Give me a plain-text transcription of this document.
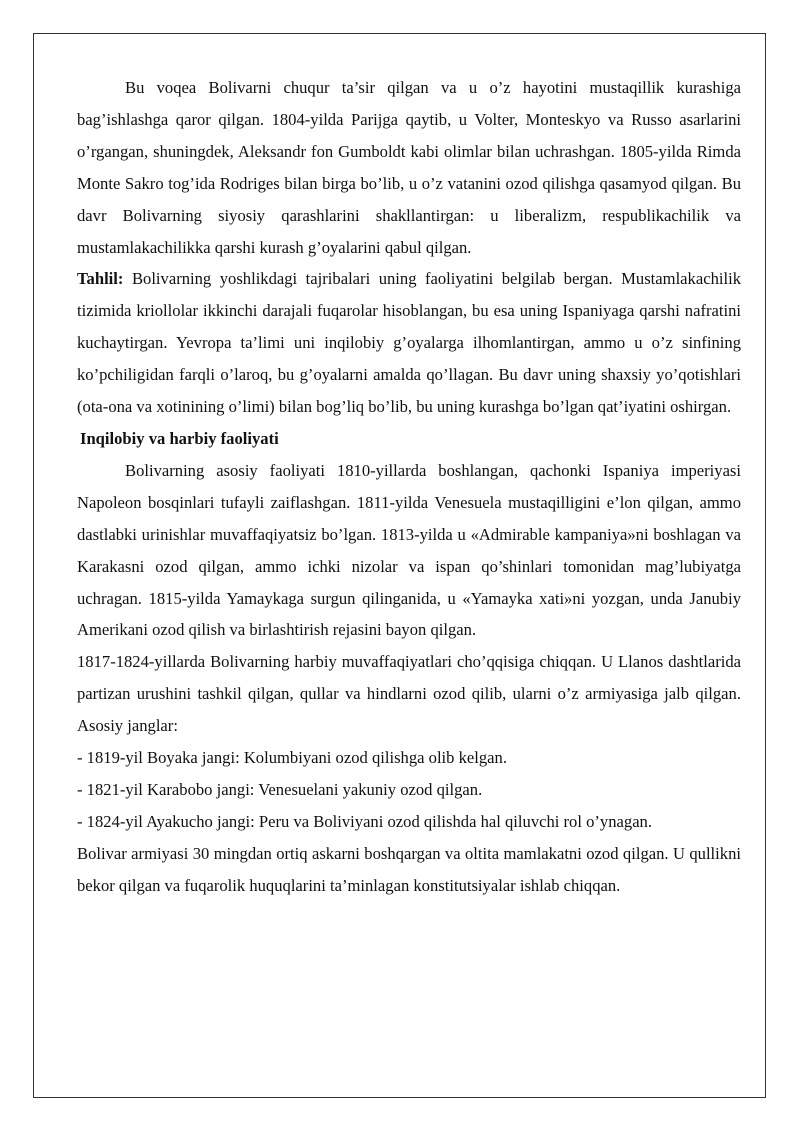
Bu voqea Bolivarni chuqur ta’sir qilgan va u o’z hayotini mustaqillik kurashiga bag’ishlashga qaror qilgan. 1804-yilda Parijga qaytib, u Volter, Monteskyo va Russo asarlarini o’rgangan, shuningdek, Aleksandr fon Gumboldt kabi olimlar bilan uchrashgan. 1805-yilda Rimda Monte Sakro tog’ida Rodriges bilan birga bo’lib, u o’z vatanini ozod qilishga qasamyod qilgan. Bu davr Bolivarning siyosiy qarashlarini shakllantirgan: u liberalizm, respublikachilik va mustamlakachilikka qarshi kurash g’oyalarini qabul qilgan.

Tahlil: Bolivarning yoshlikdagi tajribalari uning faoliyatini belgilab bergan. Mustamlakachilik tizimida kriollolar ikkinchi darajali fuqarolar hisoblangan, bu esa uning Ispaniyaga qarshi nafratini kuchaytirgan. Yevropa ta’limi uni inqilobiy g’oyalarga ilhomlantirgan, ammo u o’z sinfining ko’pchiligidan farqli o’laroq, bu g’oyalarni amalda qo’llagan. Bu davr uning shaxsiy yo’qotishlari (ota-ona va xotinining o’limi) bilan bog’liq bo’lib, bu uning kurashga bo’lgan qat’iyatini oshirgan.

Inqilobiy va harbiy faoliyati

Bolivarning asosiy faoliyati 1810-yillarda boshlangan, qachonki Ispaniya imperiyasi Napoleon bosqinlari tufayli zaiflashgan. 1811-yilda Venesuela mustaqilligini e’lon qilgan, ammo dastlabki urinishlar muvaffaqiyatsiz bo’lgan. 1813-yilda u «Admirable kampaniya»ni boshlagan va Karakasni ozod qilgan, ammo ichki nizolar va ispan qo’shinlari tomonidan mag’lubiyatga uchragan. 1815-yilda Yamaykaga surgun qilinganida, u «Yamayka xati»ni yozgan, unda Janubiy Amerikani ozod qilish va birlashtirish rejasini bayon qilgan.

1817-1824-yillarda Bolivarning harbiy muvaffaqiyatlari cho’qqisiga chiqqan. U Llanos dashtlarida partizan urushini tashkil qilgan, qullar va hindlarni ozod qilib, ularni o’z armiyasiga jalb qilgan. Asosiy janglar:

- 1819-yil Boyaka jangi: Kolumbiyani ozod qilishga olib kelgan.

- 1821-yil Karabobo jangi: Venesuelani yakuniy ozod qilgan.

- 1824-yil Ayakucho jangi: Peru va Boliviyani ozod qilishda hal qiluvchi rol o’ynagan.

Bolivar armiyasi 30 mingdan ortiq askarni boshqargan va oltita mamlakatni ozod qilgan. U qullikni bekor qilgan va fuqarolik huquqlarini ta’minlagan konstitutsiyalar ishlab chiqqan.
